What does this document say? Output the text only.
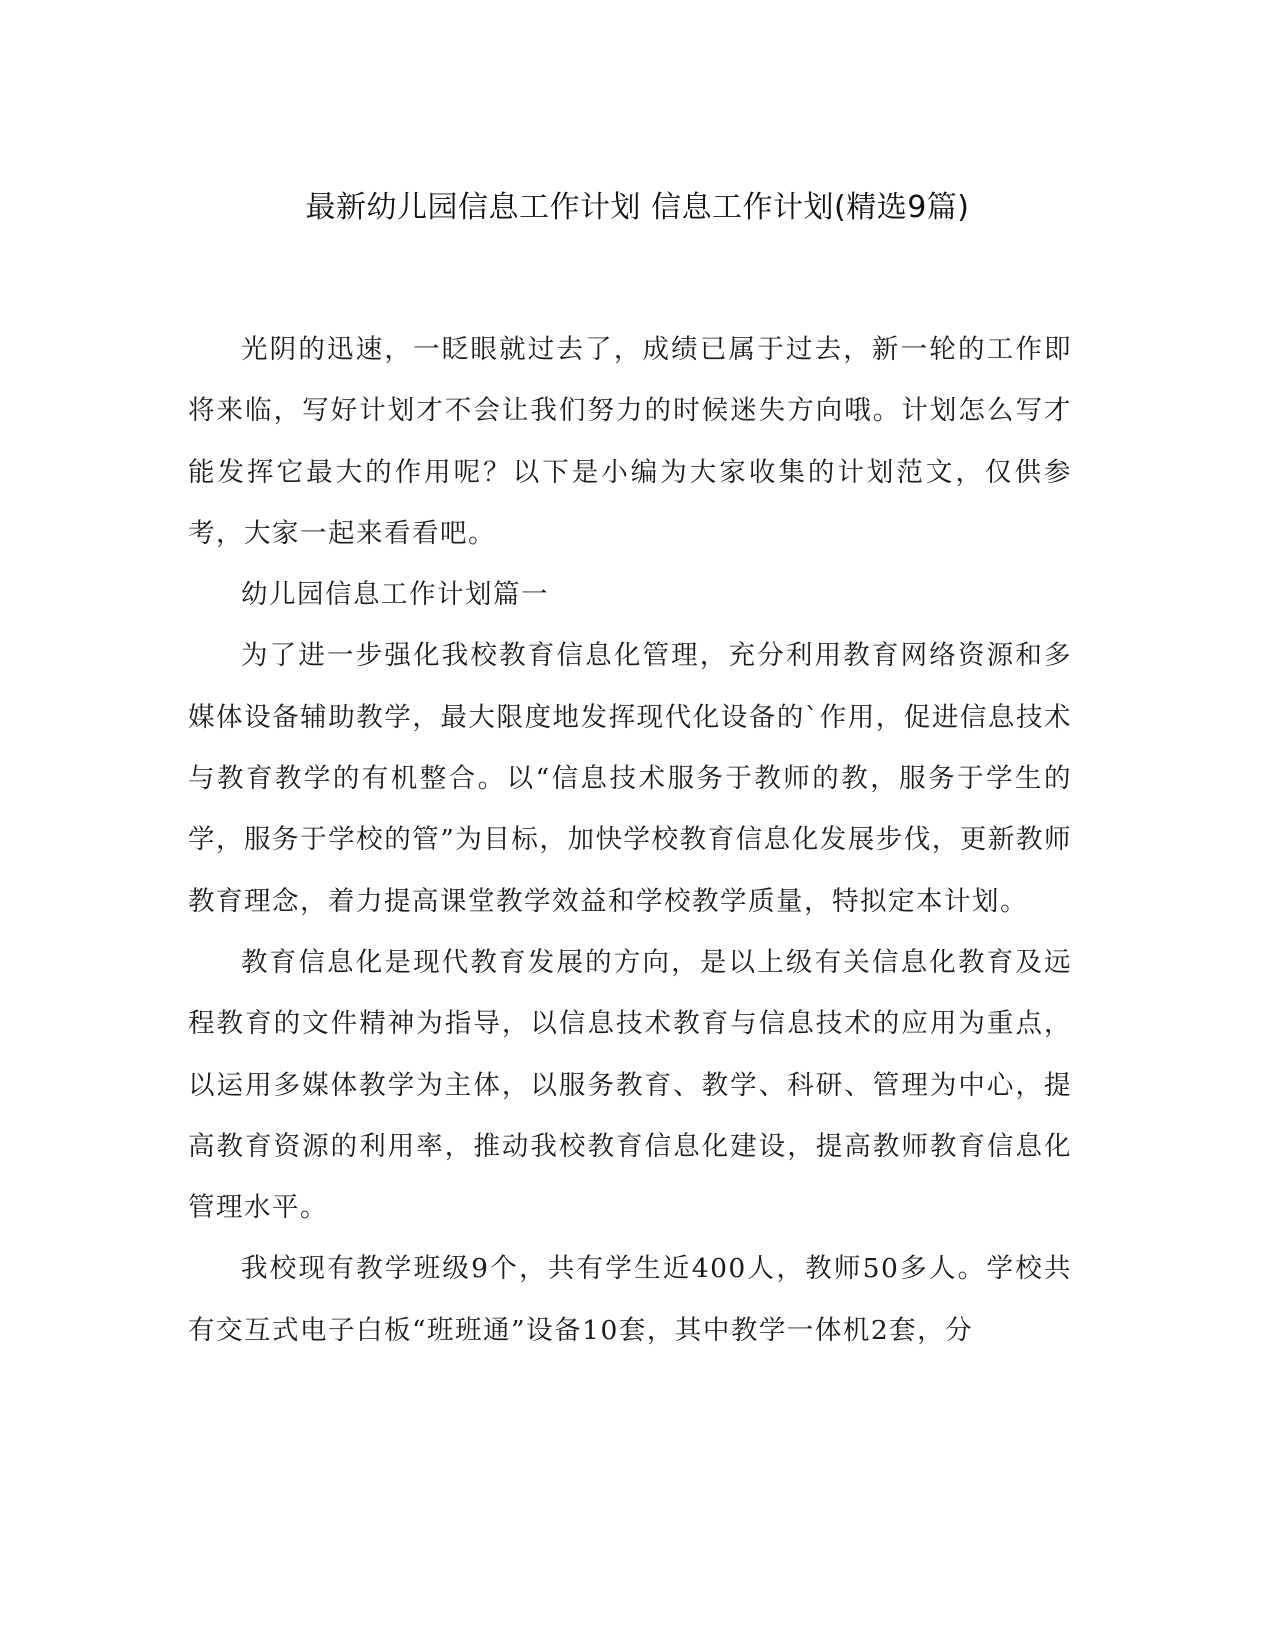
最新幼儿园信息工作计划 信息工作计划(精选9篇)

光阴的迅速，一眨眼就过去了，成绩已属于过去，新一轮的工作即将来临，写好计划才不会让我们努力的时候迷失方向哦。计划怎么写才能发挥它最大的作用呢？以下是小编为大家收集的计划范文，仅供参考，大家一起来看看吧。

幼儿园信息工作计划篇一

为了进一步强化我校教育信息化管理，充分利用教育网络资源和多媒体设备辅助教学，最大限度地发挥现代化设备的`作用，促进信息技术与教育教学的有机整合。以“信息技术服务于教师的教，服务于学生的学，服务于学校的管”为目标，加快学校教育信息化发展步伐，更新教师教育理念，着力提高课堂教学效益和学校教学质量，特拟定本计划。

教育信息化是现代教育发展的方向，是以上级有关信息化教育及远程教育的文件精神为指导，以信息技术教育与信息技术的应用为重点，以运用多媒体教学为主体，以服务教育、教学、科研、管理为中心，提高教育资源的利用率，推动我校教育信息化建设，提高教师教育信息化管理水平。

我校现有教学班级9个，共有学生近400人，教师50多人。学校共有交互式电子白板“班班通”设备10套，其中教学一体机2套，分
